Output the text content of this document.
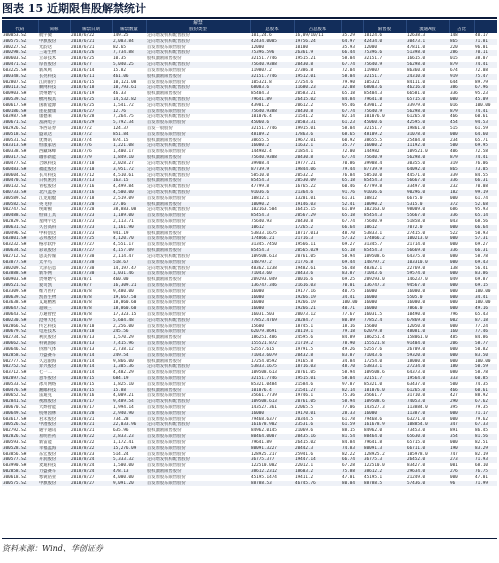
图表 15 近期限售股解禁统计
				解禁							
代码	简称	解禁日期	解禁数量	股份类型	总股本	占总股本		限售股	流通A股	占比	
300053.SZ	航宇微	2018/6/22	149.25	定向增发机构配售股份	101,24.6	16,09/10/11	35.29	10124.6	12638.3	148	40.17
300575.SZ	中旗股份	2018/6/21	2,003.84	定向增发机构配售股份	42434.0005	19756.24	64.97	42434.0	30473.1	865	71.81
300227.SZ	光韵达	2018/6/21	82.65	首发原股东限售股份	12000	10100	35.93	12000	47811.0	220	96.01
300298.SZ	三诺生物	2018/6/26	7,734.88	定向增发机构配售股份	75396.596	26361.9	66.44	75396.6	51398.0	286	70.11
300603.SZ	立昂技术	2018/6/25	10.35	股权激励限售股份	32151.7746	19515.21	58.04	32151.7	16615.0	015	38.07
300471.SZ	厚普股份	2018/6/7	5,040.25	定向增发机构配售股份	75640.9388	20430.8	67.74	75640.9	56298.0	879	74.41
603225.SH	新凤鸣	2018/6/14	15.82	首发原股东限售股份	119807.2	27386.8	72.04	119807	86360.0	674	72.08
300348.SZ	长亮科技	2018/6/11	461.06	股权激励限售股份	32151.7746	19512.01	58.04	32151.7	24310.0	919	75.47
002807.SZ	江阴银行	2018/6/15	10,121.08	首发原股东限售股份	105321.8	27254.6	79.90	105321	84111.0	644	89.79
300113.SZ	顺网科技	2018/6/18	10,793.61	定向增发机构配售股份	68003.6	11680.23	32.08	68003.6	46216.0	386	67.96
600903.SH	贵州燃气	2018/6/19	46.33	股权激励限售股份	85404.3	20583.21	65.18	85404.3	66581.0	336	95.23
300539.SZ	横河模具	2018/6/25	14,532.82	定向增发机构配售股份	79641.89	26415.02	84.84	79641.8	65715.0	000	45.09
600617.SH	国新能源	2018/6/25	1,541.72	定向增发机构配售股份	43901.2	20612.2	95.46	43901.2	33979.0	016	100.00
600186.SH	莲花健康	2018/6/27	12.76	首发原股东限售股份	75640.9388	20430.8	67.74	75640.9	56298.0	879	74.41
603987.SH	康德莱	2018/6/28	7,264.75	定向增发机构配售股份	101076.4	21541.2	82.14	101076.0	61265.0	466	60.61
300671.SZ	富满电子	2018/6/29	5,792.34	首发原股东限售股份	45060.6	20503.31	61.23	45060.6	42595.0	454	94.53
002926.SZ	华西证券	2018/7/2	124.37	首发一般股份	32151.7746	19915.01	58.04	32151.7	19861.0	515	61.59
300518.SZ	盛讯达	2018/7/2	851.84	首发原股东限售股份	48109.2	17863.6	68.65	48109.2	31078.0	000	64.60
300531.SZ	优博讯	2018/7/4	874.15	股权激励限售股份	38655.5	19672.01	60.92	38655.5	25404.0	234	65.71
603313.SH	恒康家居	2018/7/6	1,221.08	定向增发机构配售股份	16000.2	11632.1	35.77	16000.2	11192.0	500	69.95
600338.SH	西藏珠峰	2018/7/6	1,400.17	首发原股东限售股份	144982.4	21854.1	72.00	144982	109521.0	406	72.58
300317.SZ	珈伟新能	2018/7/9	1,849.10	股权激励限售股份	75640.9388	20430.8	67.74	75640.9	56298.0	879	74.41
300477.SZ	合纵科技	2018/7/10	2,028.27	定向增发机构配售股份	39908.4	19777.21	70.86	39908.4	30355.0	319	76.06
600483.SH	福能股份	2018/7/10	3,951.72	定向增发机构配售股份	87739.9	19844.06	79.44	87739.9	64092.0	865	73.05
300604.SZ	长川科技	2018/7/12	4,510.61	定向增发机构配售股份	58510.0	20532.2	76.84	58510.0	44571.0	339	84.55
300470.SZ	日机密封	2018/7/13	163.15	股权激励限售股份	85454.3	20530.09	65.18	85454.3	56667.0	336	66.31
300132.SZ	青松股份	2018/7/16	4,499.84	定向增发机构配售股份	47799.8	16765.22	60.46	47799.8	33497.0	232	70.08
600733.SH	北汽蓝谷	2018/7/16	4,500.00	定向增发机构配售股份	91036.6	21364.6	91.76	91036.6	90296.0	182	99.19
300589.SZ	江龙船艇	2018/7/18	2,519.09	首发原股东限售股份	10812.1	13201.01	61.31	10812	6675.0	000	61.74
300582.SZ	英飞特	2018/7/20	27.06	股权激励限售股份	10090.2	19146.03	52.41	10090.2	5315.0	372	52.68
002747.SZ	埃斯顿	2018/7/20	38,883.08	定向增发机构配售股份	102163.504	16415.15	61.09	102163.0	98009.0	686	95.93
300488.SZ	恒锋工具	2018/7/23	1,189.00	首发原股东限售股份	85454.3	20567.29	65.18	85454.3	55667.0	336	65.14
002829.SZ	星网宇达	2018/7/23	2,113.71	首发原股东限售股份	75640.93	20430.8	67.74	75640.9	51858.0	043	68.56
300631.SZ	久吾高科	2018/7/23	1,161.90	首发原股东限售股份	10612	17265.2	66.64	10612	7072.0	000	66.64
300496.SZ	中科创达	2018/7/23	941.19	股权激励限售股份	53833.1675	18717.013	48.70	53833.1	27415.0	522	50.93
603801.SH	志邦股份	2018/7/25	4,120.70	首发原股东限售股份	174866.21	21716.3	57.32	174866.2	100213.0	000	57.31
603232.SH	格尔软件	2018/7/27	4,551.17	首发原股东限售股份	31345.7450	19566.11	69.27	31345.7	21714.0	000	69.27
300634.SZ	彩讯股份	2018/7/27	4,157.09	股权激励限售股份	85454.3	20565.029	65.18	85454.3	56669.0	336	66.31
002712.SZ	思美传媒	2018/7/30	2,114.47	定向增发机构配售股份	109508.613	20761.05	58.94	109508.6	64375.0	080	58.78
603877.SH	太平鸟	2018/7/30	518.67	首发原股东限售股份	148797.2	21776.8	69.44	148797.2	103310.0	000	69.43
300209.SZ	天泽信息	2018/7/30	14,197.47	定向增发机构配售股份	40362.1238	19482.61	56.48	40362.1	22769.0	138	56.41
603888.SH	新华网	2018/7/30	1,031.46	首发原股东限售股份	71043.60	20433.6	83.87	71043.6	59574.0	000	83.86
600903.SH	贵州燃气	2018/8/1	460.00	股权激励限售股份	209293.049	20016.6	69.25	209293.0	146237.0	049	69.87
300521.SZ	爱司凯	2018/8/7	16,309.21	首发原股东限售股份	136747.346	21616.03	70.01	136747.3	94567.0	000	69.15
603309.SH	维力医疗	2018/8/8	9,480.00	首发原股东限售股份	16000	19177.16	40.75	16000	16000.0	000	100.00
300639.SZ	凯普生物	2018/8/8	19,667.50	首发原股东限售股份	16000	19266.19	34.41	16000	5505.0	000	34.41
603638.SH	艾迪精密	2018/8/8	18,860.60	首发原股东限售股份	16000	19266.19	100.00	16000	16000.0	000	100.00
300647.SZ	超频三	2018/8/8	18,860.60	首发原股东限售股份	16000	19266.21	40.71	16000	7866.0	000	49.16
300643.SZ	万通智控	2018/8/8	17,323.15	首发原股东限售股份	16031.503	20073.12	77.67	16031.5	10490.0	796	65.43
600230.SH	沧州大化	2018/8/9	5,604.48	定向增发机构配售股份	77852.4769	20284.7	80.09	77852.4	67869.0	002	87.18
002866.SZ	传艺科技	2018/8/10	2,256.00	首发原股东限售股份	15600	18745.1	18.16	15600	12050.0	000	77.24
300679.SZ	电连技术	2018/8/10	245.56	首发原股东限售股份	62079.8691	20119.1	79.18	62079.8	48081.0	160	77.46
002734.SZ	利民股份	2018/8/13	1,570.29	股权激励限售股份	186251.486	24595.6	84.89	186251.4	158061.0	485	84.86
300662.SZ	科锐国际	2018/8/13	7,415.96	首发原股东限售股份	155521.872	21719.2	78.90	155521.8	91404.0	206	58.77
300646.SZ	侨源气体	2018/8/13	2,738.12	首发原股东限售股份	52557.615	19791.5	49.26	52557.6	26709.0	000	50.82
002858.SZ	力盛赛车	2018/8/14	249.54	首发原股东限售股份	71043.6079	20432.8	83.87	71043.6	59320.0	000	83.50
002777.SZ	久远银海	2018/8/14	9,866.00	股权激励限售股份	17254.0592	19165.8	34.84	17254.0	18000.0	000	100.00
002752.SZ	昇兴股份	2018/8/14	1,305.36	定向增发机构配售股份	53833.1675	18716.03	48.70	53833.1	27234.0	180	50.59
603712.SH	七一二	2018/8/14	4,482.29	首发原股东限售股份	109508.613	20761.05	58.94	109508.6	64373.0	080	58.78
002897.SZ	意华股份	2018/8/15	684.19	首发原股东限售股份	32151.7746	19515.01	58.04	32151.7	19564.0	333	60.85
300533.SZ	冰川网络	2018/8/15	1,825.10	首发原股东限售股份	85321.0484	21584.6	97.87	85321.0	63437.0	500	74.35
600476.SH	湘邮科技	2018/8/15	15.88	股权激励限售股份	101076.4	21541.27	82.14	101076.0	61265.0	466	60.61
300652.SZ	雷迪克	2018/8/16	4,009.21	首发原股东限售股份	35661.7739	19746.1	75.36	35661.7	31710.0	427	88.92
002841.SZ	视源股份	2018/8/17	9,489.54	定向增发机构配售股份	109508.613	20761.05	58.94	109508.6	74053.0	290	67.62
300670.SZ	大烨智能	2018/8/17	1,994.14	首发原股东限售股份	143527.361	22065.5	77.06	143527.3	113884.0	395	79.35
300649.SZ	杭州园林	2018/8/20	2,940.90	首发原股东限售股份	16000	19170.01	28.33	16000	11387.0	000	71.17
603617.SH	君禾股份	2018/8/21	734.28	首发原股东限售股份	79468.6377	20344.5	61.78	79468.6	63271.0	000	79.62
300526.SZ	中潜股份	2018/8/21	22,033.96	定向增发机构配售股份	161678.902	23531.6	61.59	161678.9	108854.0	347	67.33
002792.SZ	通宇通讯	2018/8/21	635.96	股权激励限售股份	84962.0145	21069.6	88.15	84962.0	73453.0	891	86.45
002826.SZ	易明医药	2018/8/22	2,833.23	首发原股东限售股份	80464.0007	20435.16	81.54	80464.0	65630.0	354	81.56
300593.SZ	新雷能	2018/8/22	1,172.41	首发原股东限售股份	79641.89	26415.02	84.84	79641.8	65715.0	000	82.51
300528.SZ	幸福蓝海	2018/8/22	15,276.09	首发原股东限售股份	80091.3227	20442.3	74.83	80091.3	66711.0	190	83.29
603856.SH	东宏股份	2018/8/23	514.24	首发原股东限售股份	128925.217	25941.6	82.22	128925.2	105978.0	747	82.19
300577.SZ	开润股份	2018/8/24	5,333.32	定向增发机构配售股份	36775.377	19447.14	66.74	36775.3	26452.0	273	71.93
603990.SH	麦迪科技	2018/8/24	1,500.00	首发原股东限售股份	122510.002	22012.1	67.28	122510.0	83427.0	001	68.10
002858.SZ	力盛赛车	2018/8/24	478.13	股权激励限售股份	38612.2312	18603.2	75.88	38612.2	29634.0	276	76.75
300618.SZ	寒锐钴业	2018/8/27	4,000.00	首发原股东限售股份	45195.1474	19411.2	47.01	45195.1	21249.0	000	47.01
300575.SZ	中旗股份	2018/8/27	9,091.20	首发原股东限售股份	88788.53	46745.76	80.04	88788.5	57436.0	96	71.99
资料来源：Wind、华创证券
